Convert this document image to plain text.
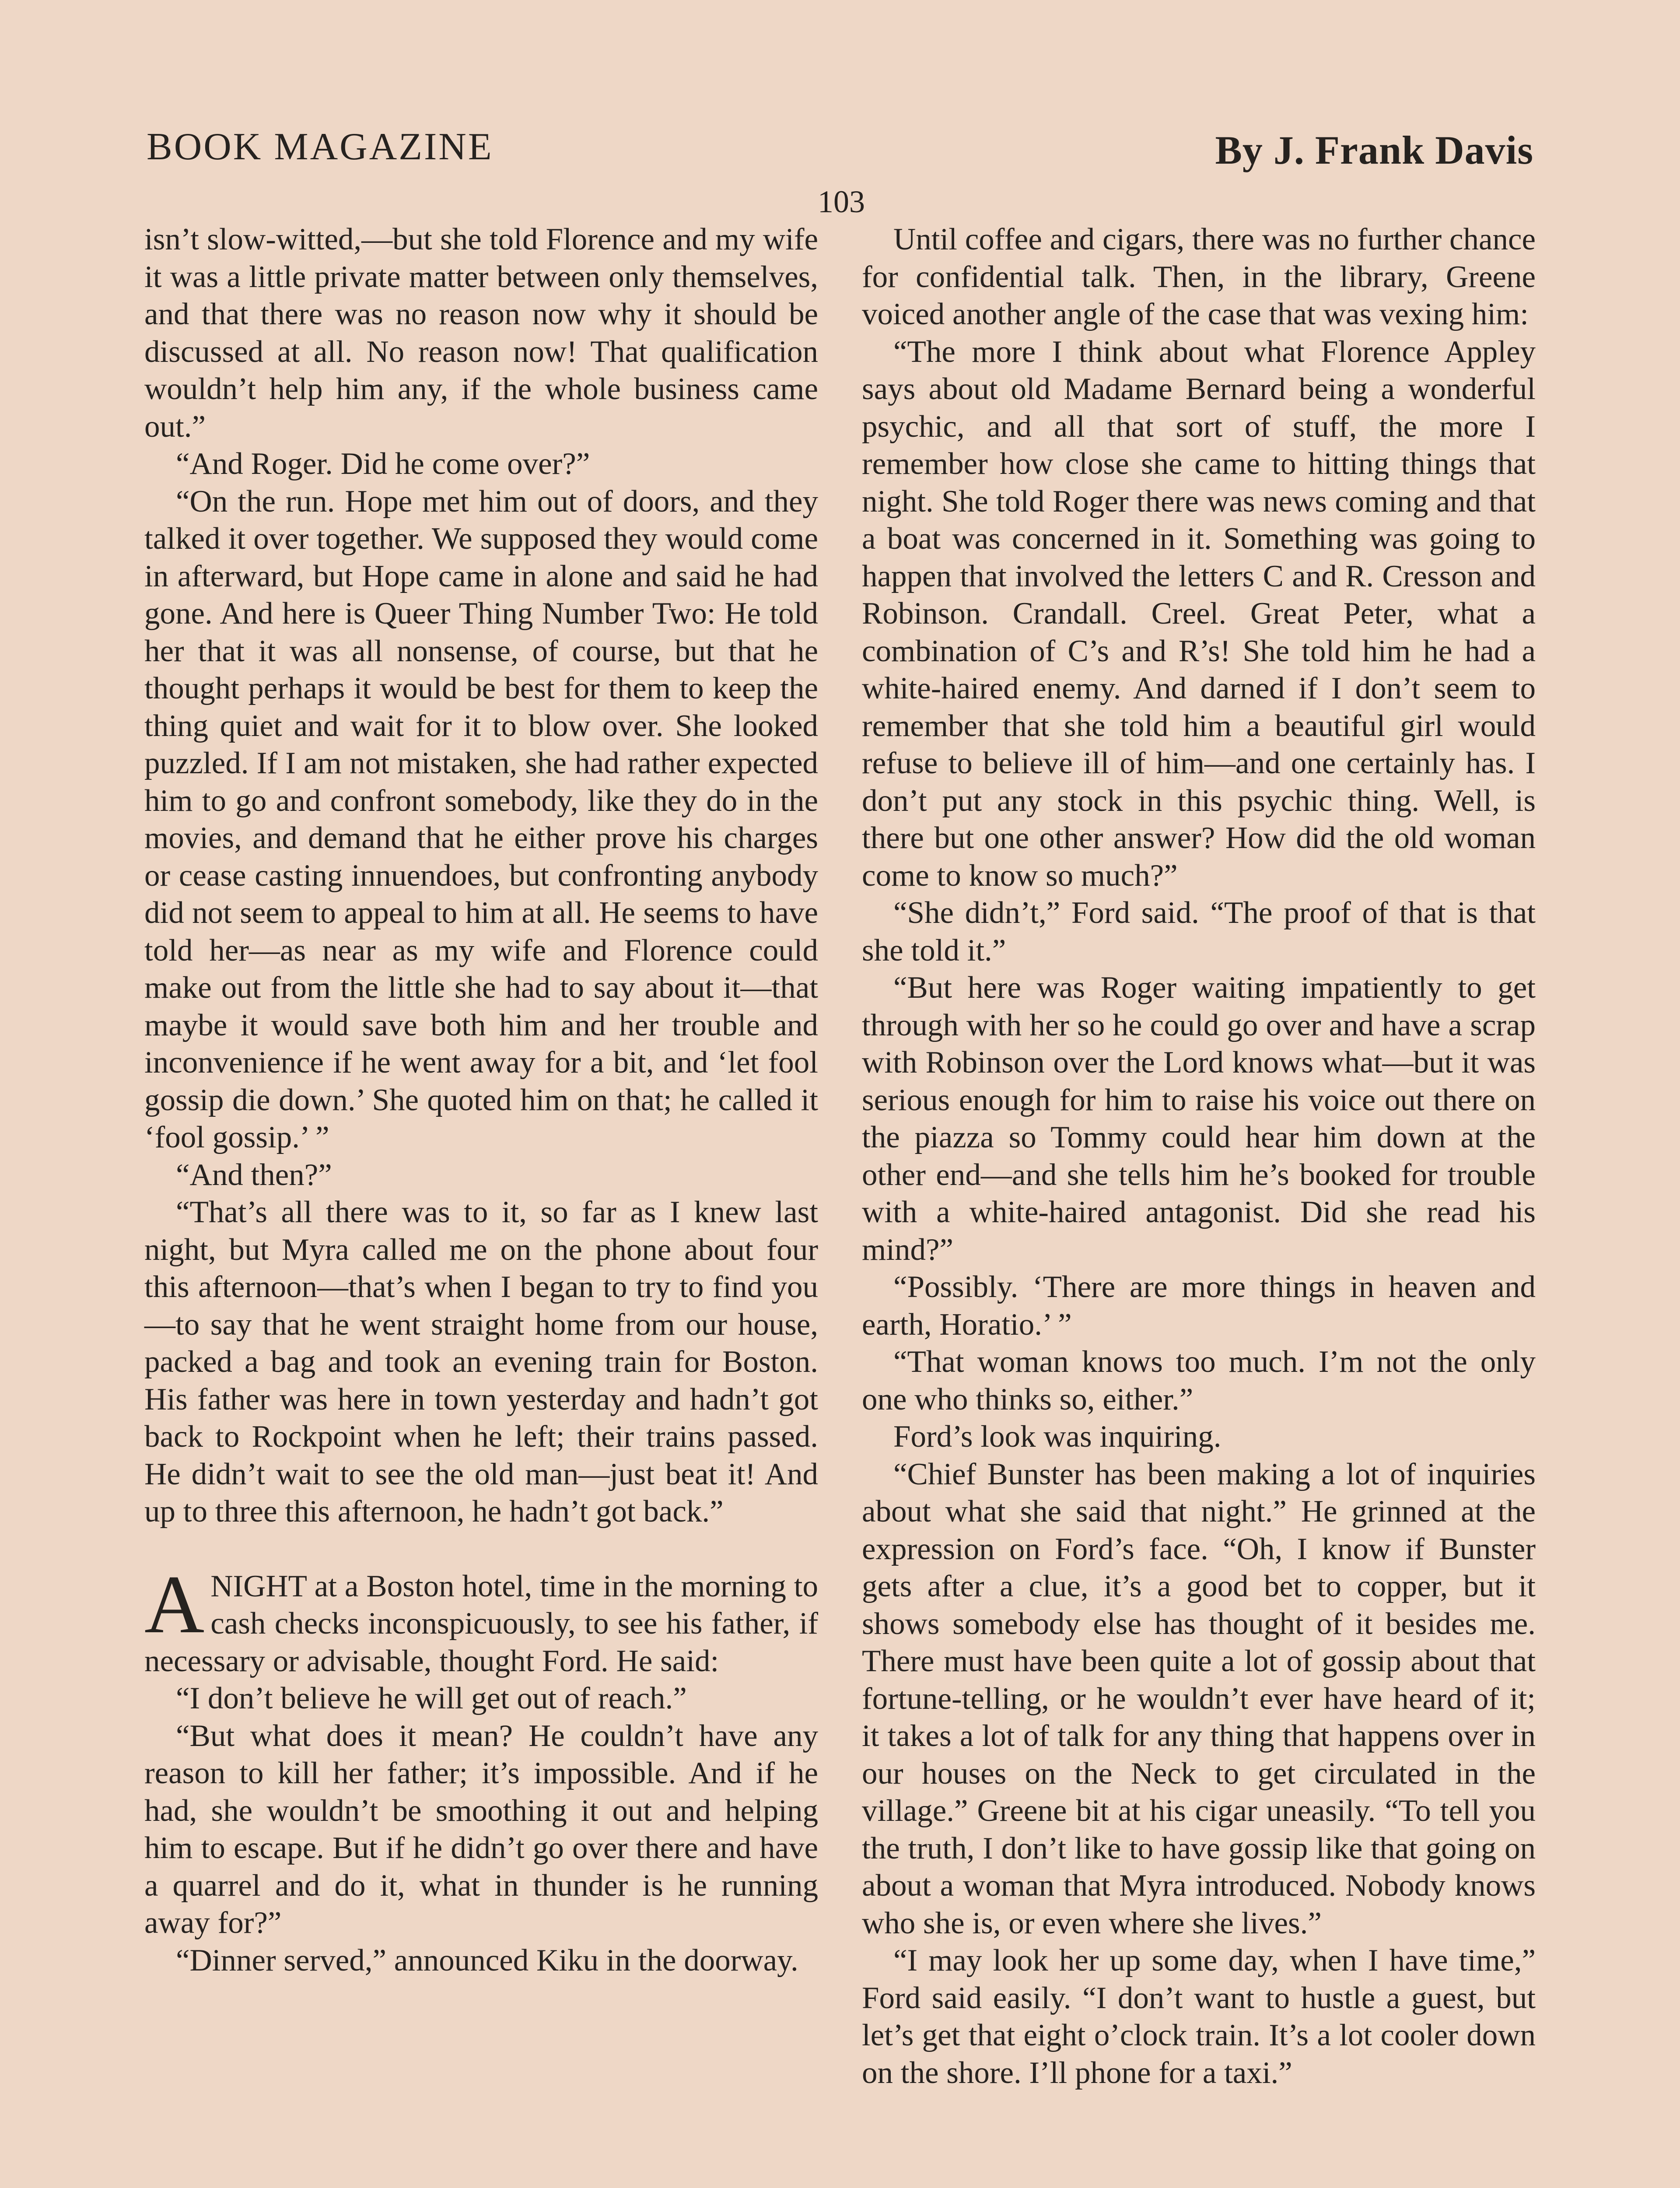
BOOK MAGAZINE	By J. Frank Davis
103

isn’t slow-witted,—but she told Florence and my wife it was a little private matter between only themselves, and that there was no reason now why it should be discussed at all. No reason now! That qualification wouldn’t help him any, if the whole business came out.”

“And Roger. Did he come over?”

“On the run. Hope met him out of doors, and they talked it over together. We supposed they would come in afterward, but Hope came in alone and said he had gone. And here is Queer Thing Number Two: He told her that it was all nonsense, of course, but that he thought perhaps it would be best for them to keep the thing quiet and wait for it to blow over. She looked puzzled. If I am not mistaken, she had rather expected him to go and confront somebody, like they do in the movies, and demand that he either prove his charges or cease casting innuendoes, but confronting anybody did not seem to appeal to him at all. He seems to have told her—as near as my wife and Florence could make out from the little she had to say about it—that maybe it would save both him and her trouble and inconvenience if he went away for a bit, and ‘let fool gossip die down.’ She quoted him on that; he called it ‘fool gossip.’ ”

“And then?”

“That’s all there was to it, so far as I knew last night, but Myra called me on the phone about four this afternoon—that’s when I began to try to find you—to say that he went straight home from our house, packed a bag and took an evening train for Boston. His father was here in town yesterday and hadn’t got back to Rockpoint when he left; their trains passed. He didn’t wait to see the old man—just beat it! And up to three this afternoon, he hadn’t got back.”

ANIGHT at a Boston hotel, time in the morning to cash checks inconspicuously, to see his father, if necessary or advisable, thought Ford. He said:

“I don’t believe he will get out of reach.”

“But what does it mean? He couldn’t have any reason to kill her father; it’s impossible. And if he had, she wouldn’t be smoothing it out and helping him to escape. But if he didn’t go over there and have a quarrel and do it, what in thunder is he running away for?”

“Dinner served,” announced Kiku in the doorway.

Until coffee and cigars, there was no further chance for confidential talk. Then, in the library, Greene voiced another angle of the case that was vexing him:

“The more I think about what Florence Appley says about old Madame Bernard being a wonderful psychic, and all that sort of stuff, the more I remember how close she came to hitting things that night. She told Roger there was news coming and that a boat was concerned in it. Something was going to happen that involved the letters C and R. Cresson and Robinson. Crandall. Creel. Great Peter, what a combination of C’s and R’s! She told him he had a white-haired enemy. And darned if I don’t seem to remember that she told him a beautiful girl would refuse to believe ill of him—and one certainly has. I don’t put any stock in this psychic thing. Well, is there but one other answer? How did the old woman come to know so much?”

“She didn’t,” Ford said. “The proof of that is that she told it.”

“But here was Roger waiting impatiently to get through with her so he could go over and have a scrap with Robinson over the Lord knows what—but it was serious enough for him to raise his voice out there on the piazza so Tommy could hear him down at the other end—and she tells him he’s booked for trouble with a white-haired antagonist. Did she read his mind?”

“Possibly. ‘There are more things in heaven and earth, Horatio.’ ”

“That woman knows too much. I’m not the only one who thinks so, either.”

Ford’s look was inquiring.

“Chief Bunster has been making a lot of inquiries about what she said that night.” He grinned at the expression on Ford’s face. “Oh, I know if Bunster gets after a clue, it’s a good bet to copper, but it shows somebody else has thought of it besides me. There must have been quite a lot of gossip about that fortune-telling, or he wouldn’t ever have heard of it; it takes a lot of talk for any thing that happens over in our houses on the Neck to get circulated in the village.” Greene bit at his cigar uneasily. “To tell you the truth, I don’t like to have gossip like that going on about a woman that Myra introduced. Nobody knows who she is, or even where she lives.”

“I may look her up some day, when I have time,” Ford said easily. “I don’t want to hustle a guest, but let’s get that eight o’clock train. It’s a lot cooler down on the shore. I’ll phone for a taxi.”
